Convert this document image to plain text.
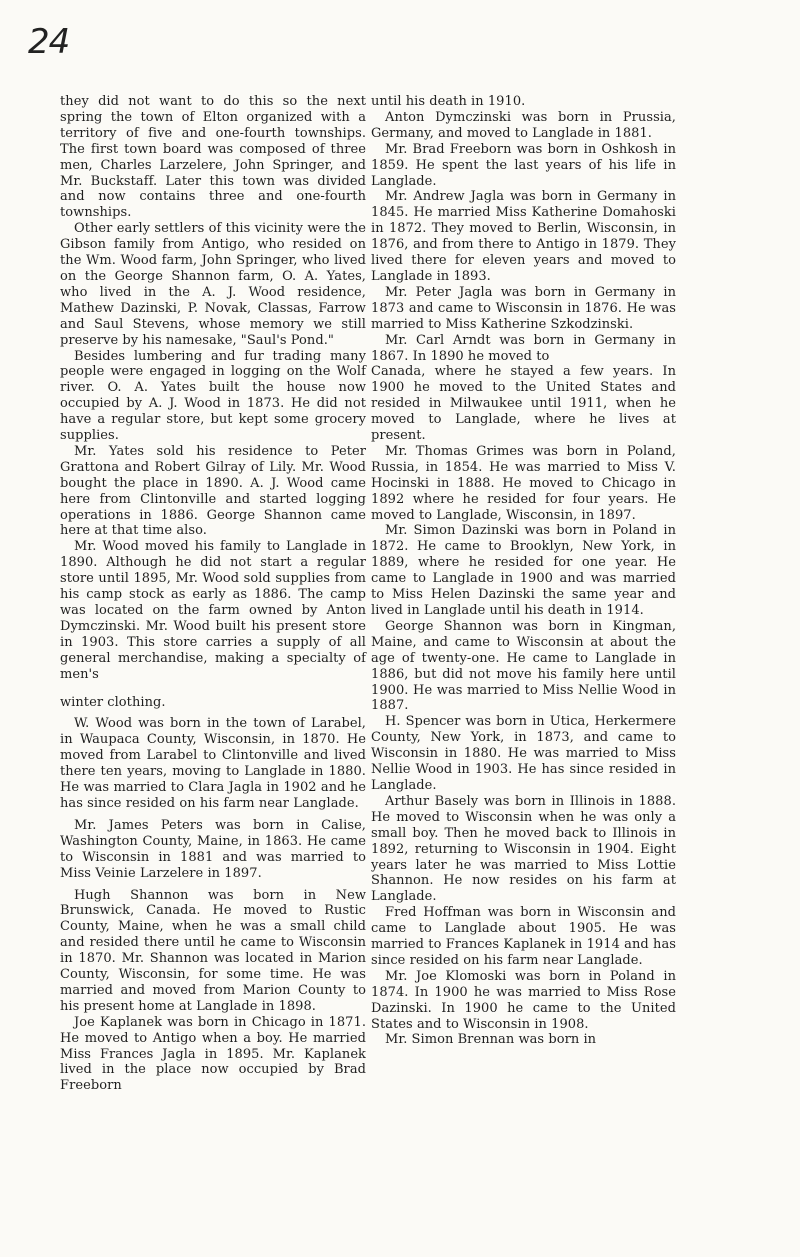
24

they did not want to do this so the next spring the town of Elton organized with a territory of five and one-fourth townships. The first town board was composed of three men, Charles Larzelere, John Springer, and Mr. Buckstaff. Later this town was divided and now contains three and one-fourth townships.

Other early settlers of this vicinity were the Gibson family from Antigo, who resided on the Wm. Wood farm, John Springer, who lived on the George Shannon farm, O. A. Yates, who lived in the A. J. Wood residence, Mathew Dazinski, P. Novak, Classas, Farrow and Saul Stevens, whose memory we still preserve by his namesake, "Saul's Pond."

Besides lumbering and fur trading many people were engaged in logging on the Wolf river. O. A. Yates built the house now occupied by A. J. Wood in 1873. He did not have a regular store, but kept some grocery supplies.

Mr. Yates sold his residence to Peter Grattona and Robert Gilray of Lily. Mr. Wood bought the place in 1890. A. J. Wood came here from Clintonville and started logging operations in 1886. George Shannon came here at that time also.

Mr. Wood moved his family to Langlade in 1890. Although he did not start a regular store until 1895, Mr. Wood sold supplies from his camp stock as early as 1886. The camp was located on the farm owned by Anton Dymczinski. Mr. Wood built his present store in 1903. This store carries a supply of all general merchandise, making a specialty of men's

winter clothing.

W. Wood was born in the town of Larabel, in Waupaca County, Wisconsin, in 1870. He moved from Larabel to Clintonville and lived there ten years, moving to Langlade in 1880. He was married to Clara Jagla in 1902 and he has since resided on his farm near Langlade.

Mr. James Peters was born in Calise, Washington County, Maine, in 1863. He came to Wisconsin in 1881 and was married to Miss Veinie Larzelere in 1897.

Hugh Shannon was born in New Brunswick, Canada. He moved to Rustic County, Maine, when he was a small child and resided there until he came to Wisconsin in 1870. Mr. Shannon was located in Marion County, Wisconsin, for some time. He was married and moved from Marion County to his present home at Langlade in 1898.

Joe Kaplanek was born in Chicago in 1871. He moved to Antigo when a boy. He married Miss Frances Jagla in 1895. Mr. Kaplanek lived in the place now occupied by Brad Freeborn

until his death in 1910.

Anton Dymczinski was born in Prussia, Germany, and moved to Langlade in 1881.

Mr. Brad Freeborn was born in Oshkosh in 1859. He spent the last years of his life in Langlade.

Mr. Andrew Jagla was born in Germany in 1845. He married Miss Katherine Domahoski in 1872. They moved to Berlin, Wisconsin, in 1876, and from there to Antigo in 1879. They lived there for eleven years and moved to Langlade in 1893.

Mr. Peter Jagla was born in Germany in 1873 and came to Wisconsin in 1876. He was married to Miss Katherine Szkodzinski.

Mr. Carl Arndt was born in Germany in 1867. In 1890 he moved to

Canada, where he stayed a few years. In 1900 he moved to the United States and resided in Milwaukee until 1911, when he moved to Langlade, where he lives at present.

Mr. Thomas Grimes was born in Poland, Russia, in 1854. He was married to Miss V. Hocinski in 1888. He moved to Chicago in 1892 where he resided for four years. He moved to Langlade, Wisconsin, in 1897.

Mr. Simon Dazinski was born in Poland in 1872. He came to Brooklyn, New York, in 1889, where he resided for one year. He came to Langlade in 1900 and was married to Miss Helen Dazinski the same year and lived in Langlade until his death in 1914.

George Shannon was born in Kingman, Maine, and came to Wisconsin at about the age of twenty-one. He came to Langlade in 1886, but did not move his family here until 1900. He was married to Miss Nellie Wood in 1887.

H. Spencer was born in Utica, Herkermere County, New York, in 1873, and came to Wisconsin in 1880. He was married to Miss Nellie Wood in 1903. He has since resided in Langlade.

Arthur Basely was born in Illinois in 1888. He moved to Wisconsin when he was only a small boy. Then he moved back to Illinois in 1892, returning to Wisconsin in 1904. Eight years later he was married to Miss Lottie Shannon. He now resides on his farm at Langlade.

Fred Hoffman was born in Wisconsin and came to Langlade about 1905. He was married to Frances Kaplanek in 1914 and has since resided on his farm near Langlade.

Mr. Joe Klomoski was born in Poland in 1874. In 1900 he was married to Miss Rose Dazinski. In 1900 he came to the United States and to Wisconsin in 1908.

Mr. Simon Brennan was born in
